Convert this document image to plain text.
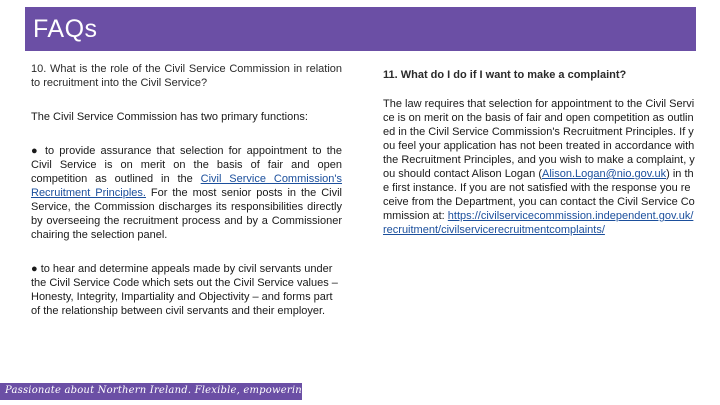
FAQs

10. What is the role of the Civil Service Commission in relation to recruitment into the Civil Service?

The Civil Service Commission has two primary functions:

● to provide assurance that selection for appointment to the Civil Service is on merit on the basis of fair and open competition as outlined in the Civil Service Commission's Recruitment Principles. For the most senior posts in the Civil Service, the Commission discharges its responsibilities directly by overseeing the recruitment process and by a Commissioner chairing the selection panel.

● to hear and determine appeals made by civil servants under the Civil Service Code which sets out the Civil Service values – Honesty, Integrity, Impartiality and Objectivity – and forms part of the relationship between civil servants and their employer.

11. What do I do if I want to make a complaint?

The law requires that selection for appointment to the Civil Service is on merit on the basis of fair and open competition as outlined in the Civil Service Commission's Recruitment Principles. If you feel your application has not been treated in accordance with the Recruitment Principles, and you wish to make a complaint, you should contact Alison Logan (Alison.Logan@nio.gov.uk) in the first instance. If you are not satisfied with the response you receive from the Department, you can contact the Civil Service Commission at: https://civilservicecommission.independent.gov.uk/recruitment/civilservicerecruitmentcomplaints/

Passionate about Northern Ireland. Flexible, empowering, inclusive
